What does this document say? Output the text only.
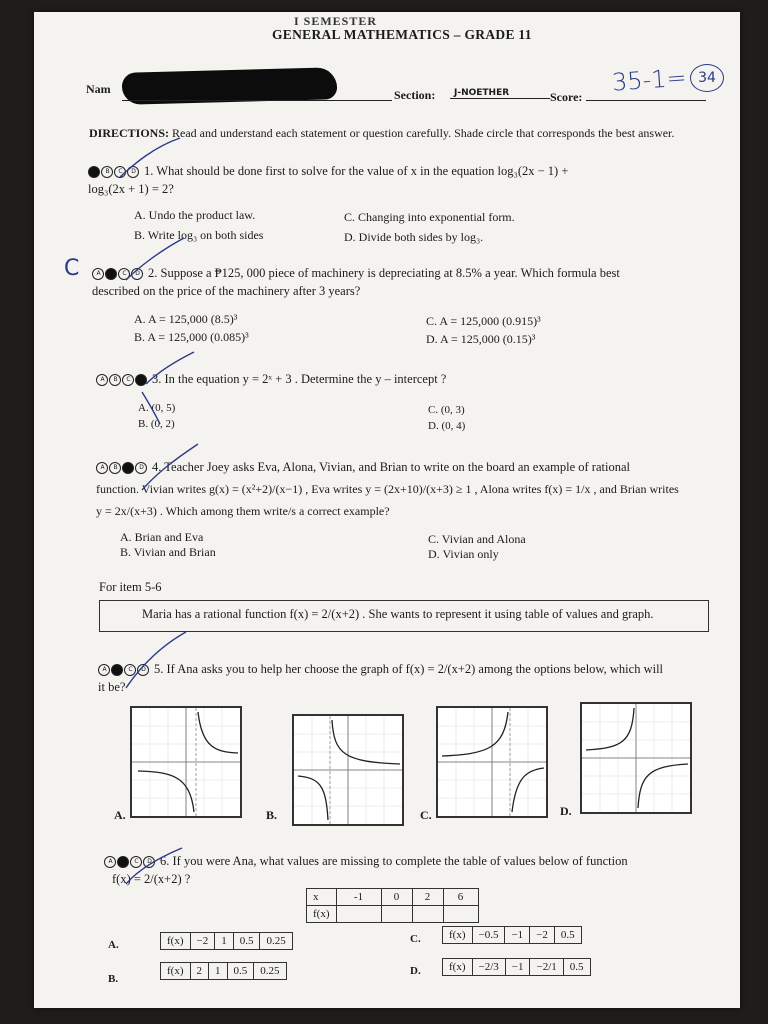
I SEMESTER
GENERAL MATHEMATICS – GRADE 11
Nam	Section:	J-NOETHER	Score:
35-1= 34
DIRECTIONS: Read and understand each statement or question carefully. Shade circle that corresponds the best answer.
A B C D 1. What should be done first to solve for the value of x in the equation log₃(2x − 1) +
log₃(2x + 1) = 2?
A. Undo the product law.
B. Write log₃ on both sides
C. Changing into exponential form.
D. Divide both sides by log₃.
C	A B C D 2. Suppose a ₱125, 000 piece of machinery is depreciating at 8.5% a year. Which formula best
described on the price of the machinery after 3 years?
A. A = 125,000 (8.5)³
B. A = 125,000 (0.085)³
C. A = 125,000 (0.915)³
D. A = 125,000 (0.15)³
A B C D 3. In the equation y = 2ˣ + 3 . Determine the y – intercept ?
A. (0, 5)
B. (0, 2)
C. (0, 3)
D. (0, 4)
A B C D 4. Teacher Joey asks Eva, Alona, Vivian, and Brian to write on the board an example of rational
function. Vivian writes g(x) = (x²+2)/(x−1) , Eva writes y = (2x+10)/(x+3) ≥ 1 , Alona writes f(x) = 1/x , and Brian writes
y = 2x/(x+3) . Which among them write/s a correct example?
A. Brian and Eva
B. Vivian and Brian
C. Vivian and Alona
D. Vivian only
For item 5-6
Maria has a rational function f(x) = 2/(x+2) . She wants to represent it using table of values and graph.
A B C D 5. If Ana asks you to help her choose the graph of f(x) = 2/(x+2) among the options below, which will
it be?
A.	B.	C.	D.
A B C D 6. If you were Ana, what values are missing to complete the table of values below of function
f(x) = 2/(x+2) ?
x	-1	0	2	6
f(x)				
A.	f(x)	−2	1	0.5	0.25
B.
f(x)	2	1	0.5	0.25
C.	f(x)	−0.5	−1	−2	0.5
D.	f(x)	−2/3	−1	−2/1	0.5
